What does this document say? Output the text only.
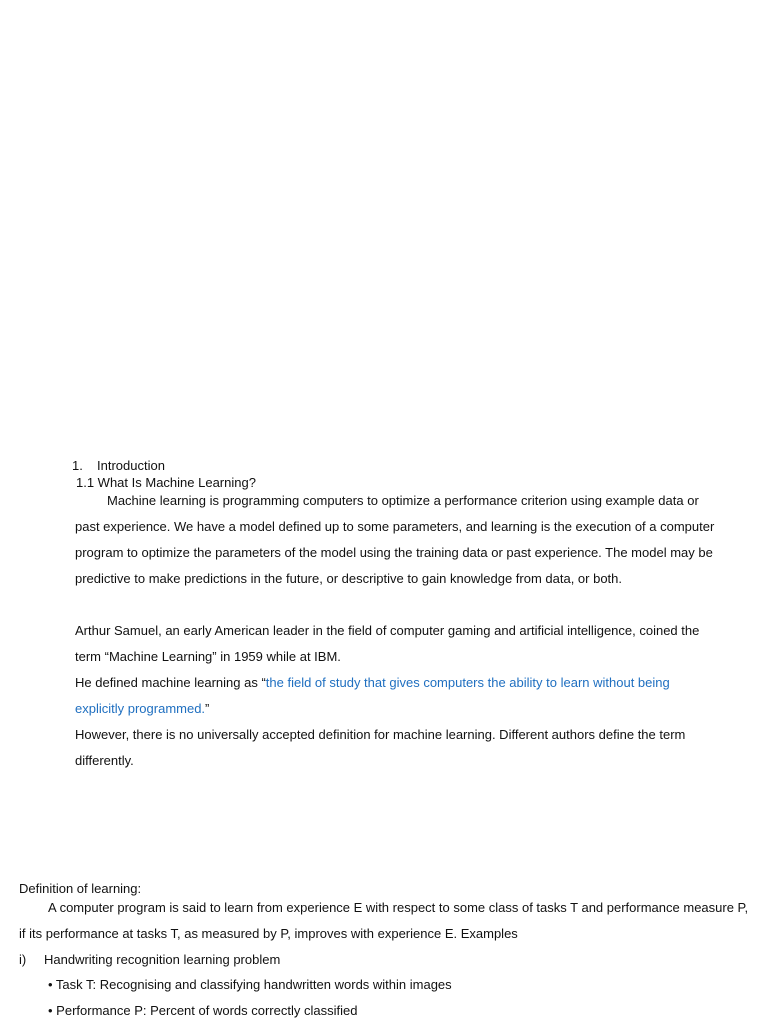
1. Introduction
1.1 What Is Machine Learning?
Machine learning is programming computers to optimize a performance criterion using example data or past experience. We have a model defined up to some parameters, and learning is the execution of a computer program to optimize the parameters of the model using the training data or past experience. The model may be predictive to make predictions in the future, or descriptive to gain knowledge from data, or both.
Arthur Samuel, an early American leader in the field of computer gaming and artificial intelligence, coined the term “Machine Learning” in 1959 while at IBM.
He defined machine learning as “the field of study that gives computers the ability to learn without being explicitly programmed.”
However, there is no universally accepted definition for machine learning. Different authors define the term differently.
Definition of learning:
A computer program is said to learn from experience E with respect to some class of tasks T and performance measure P, if its performance at tasks T, as measured by P, improves with experience E. Examples
i) Handwriting recognition learning problem
• Task T: Recognising and classifying handwritten words within images
• Performance P: Percent of words correctly classified
